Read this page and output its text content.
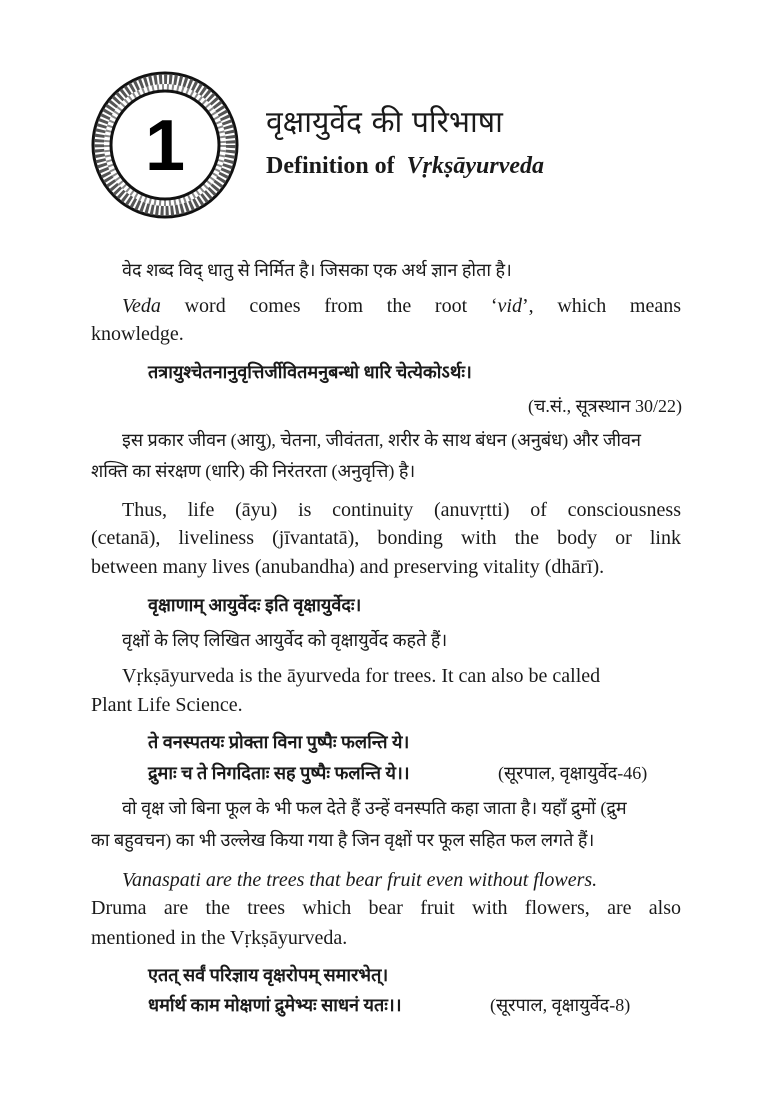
1	वृक्षायुर्वेद की परिभाषा
Definition of Vṛkṣāyurveda
वेद शब्द विद् धातु से निर्मित है। जिसका एक अर्थ ज्ञान होता है।
Veda word comes from the root ‘vid’, which means
knowledge.
तत्रायुश्चेतनानुवृत्तिर्जीवितमनुबन्धो धारि चेत्येकोऽर्थः।
(च.सं., सूत्रस्थान 30/22)
इस प्रकार जीवन (आयु), चेतना, जीवंतता, शरीर के साथ बंधन (अनुबंध) और जीवन
शक्ति का संरक्षण (धारि) की निरंतरता (अनुवृत्ति) है।
Thus, life (āyu) is continuity (anuvṛtti) of consciousness
(cetanā), liveliness (jīvantatā), bonding with the body or link
between many lives (anubandha) and preserving vitality (dhārī).
वृक्षाणाम् आयुर्वेदः इति वृक्षायुर्वेदः।
वृक्षों के लिए लिखित आयुर्वेद को वृक्षायुर्वेद कहते हैं।
Vṛkṣāyurveda is the āyurveda for trees. It can also be called
Plant Life Science.
ते वनस्पतयः प्रोक्ता विना पुष्पैः फलन्ति ये।
द्रुमाः च ते निगदिताः सह पुष्पैः फलन्ति ये।।	(सूरपाल, वृक्षायुर्वेद-46)
वो वृक्ष जो बिना फूल के भी फल देते हैं उन्हें वनस्पति कहा जाता है। यहाँ द्रुमों (द्रुम
का बहुवचन) का भी उल्लेख किया गया है जिन वृक्षों पर फूल सहित फल लगते हैं।
Vanaspati are the trees that bear fruit even without flowers.
Druma are the trees which bear fruit with flowers, are also
mentioned in the Vṛkṣāyurveda.
एतत् सर्वं परिज्ञाय वृक्षरोपम् समारभेत्।
धर्मार्थ काम मोक्षणां द्रुमेभ्यः साधनं यतः।।	(सूरपाल, वृक्षायुर्वेद-8)
